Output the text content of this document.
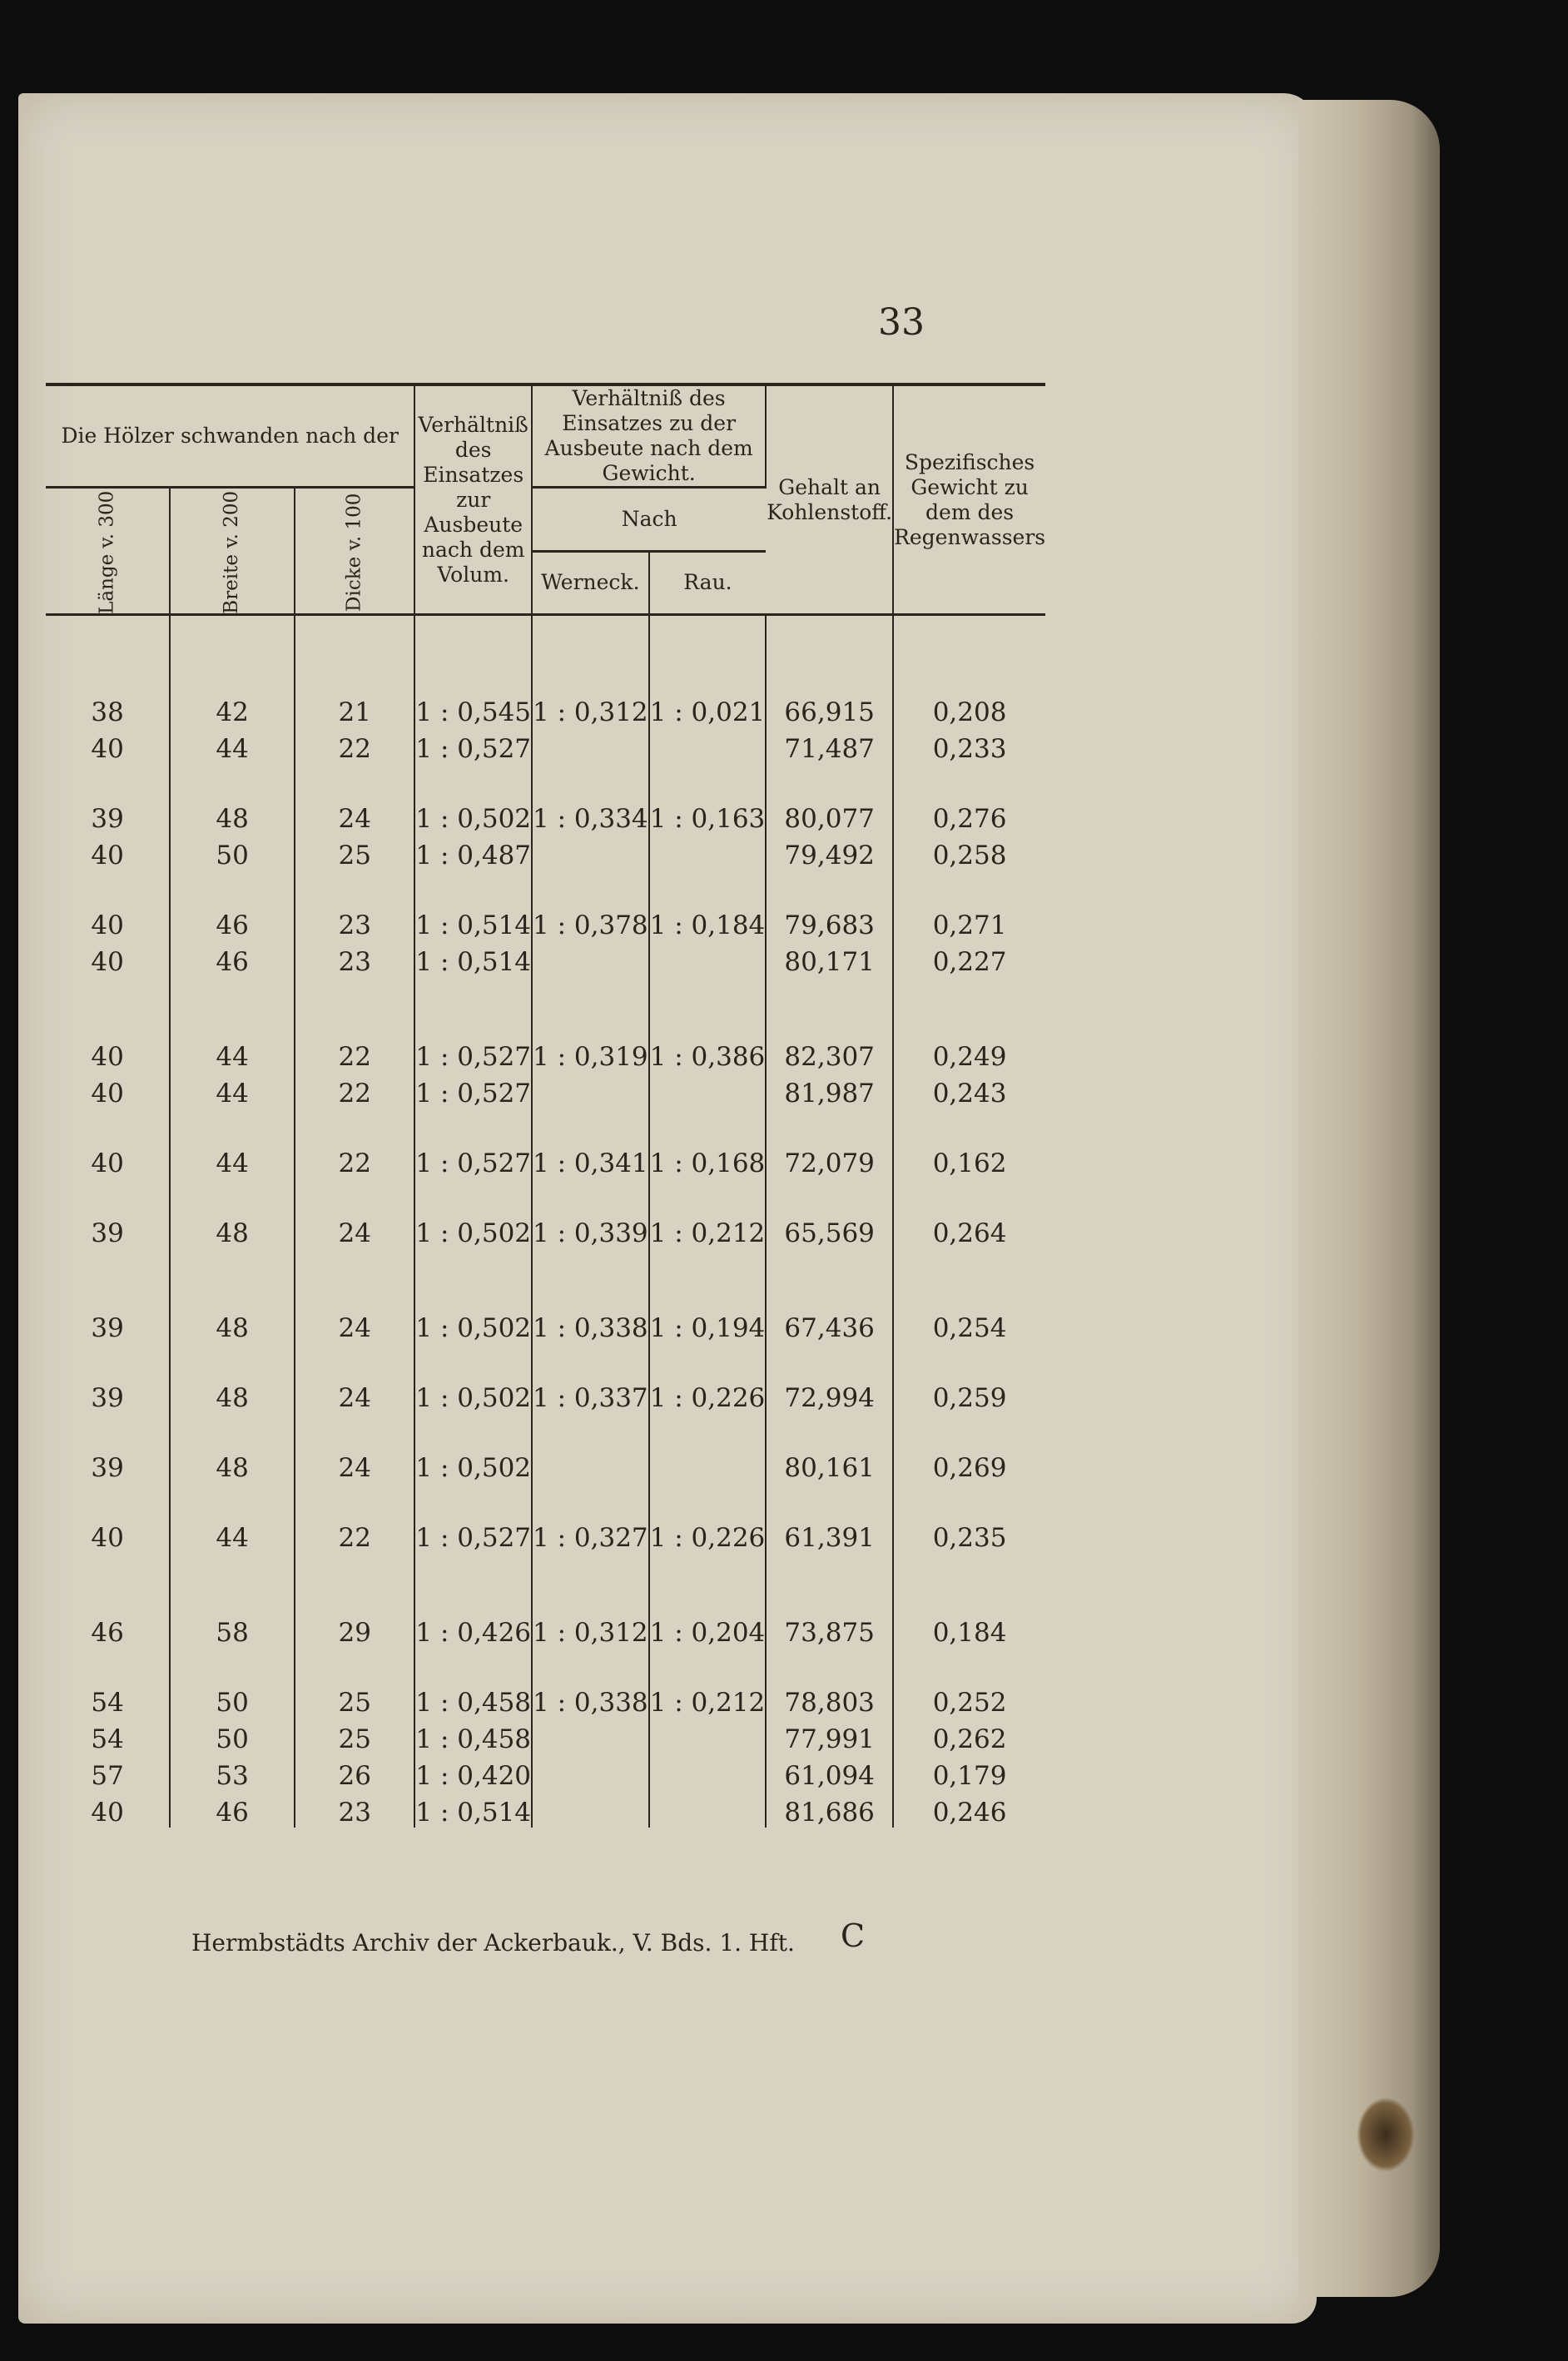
33
Die Hölzer schwanden nach der			Verhältniß des Einsatzes zur Ausbeute nach dem Volum.	Verhältniß des Einsatzes zu der Ausbeute nach dem Gewicht.		Gehalt an Kohlenstoff.	Spezifisches Gewicht zu dem des Regenwassers
Länge v. 300	Breite v. 200	Dicke v. 100		Nach			
				Werneck.	Rau.		

38	42	21	1 : 0,545	1 : 0,312	1 : 0,021	66,915	0,208
40	44	22	1 : 0,527			71,487	0,233

39	48	24	1 : 0,502	1 : 0,334	1 : 0,163	80,077	0,276
40	50	25	1 : 0,487			79,492	0,258

40	46	23	1 : 0,514	1 : 0,378	1 : 0,184	79,683	0,271
40	46	23	1 : 0,514			80,171	0,227

40	44	22	1 : 0,527	1 : 0,319	1 : 0,386	82,307	0,249
40	44	22	1 : 0,527			81,987	0,243

40	44	22	1 : 0,527	1 : 0,341	1 : 0,168	72,079	0,162

39	48	24	1 : 0,502	1 : 0,339	1 : 0,212	65,569	0,264

39	48	24	1 : 0,502	1 : 0,338	1 : 0,194	67,436	0,254

39	48	24	1 : 0,502	1 : 0,337	1 : 0,226	72,994	0,259

39	48	24	1 : 0,502			80,161	0,269

40	44	22	1 : 0,527	1 : 0,327	1 : 0,226	61,391	0,235

46	58	29	1 : 0,426	1 : 0,312	1 : 0,204	73,875	0,184

54	50	25	1 : 0,458	1 : 0,338	1 : 0,212	78,803	0,252
54	50	25	1 : 0,458			77,991	0,262
57	53	26	1 : 0,420			61,094	0,179
40	46	23	1 : 0,514			81,686	0,246
Hermbstädts Archiv der Ackerbauk., V. Bds. 1. Hft. C
